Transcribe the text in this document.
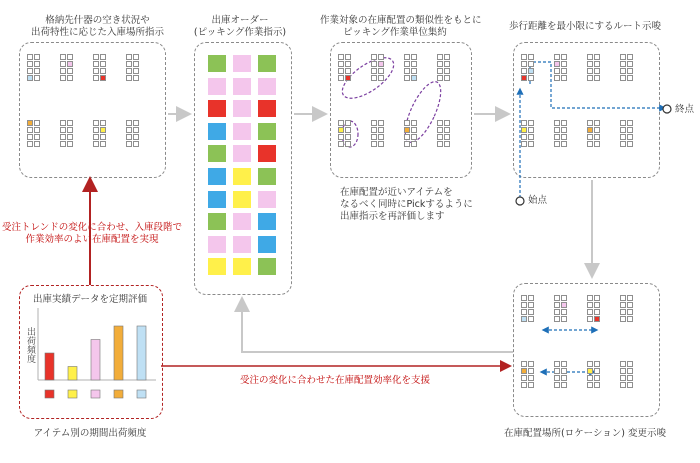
格納先什器の空き状況や
出荷特性に応じた入庫場所指示
出庫オーダー
(ピッキング作業指示)
作業対象の在庫配置の類似性をもとに
ピッキング作業単位集約
在庫配置が近いアイテムを
なるべく同時にPickするように
出庫指示を再評価します
歩行距離を最小限にするルート示唆
終点
始点
在庫配置場所(ロケーション) 変更示唆
出庫実績データを定期評価
アイテム別の期間出荷頻度
受注トレンドの変化に合わせ、入庫段階で
作業効率のよい在庫配置を実現
受注の変化に合わせた在庫配置効率化を支援
出荷頻度
